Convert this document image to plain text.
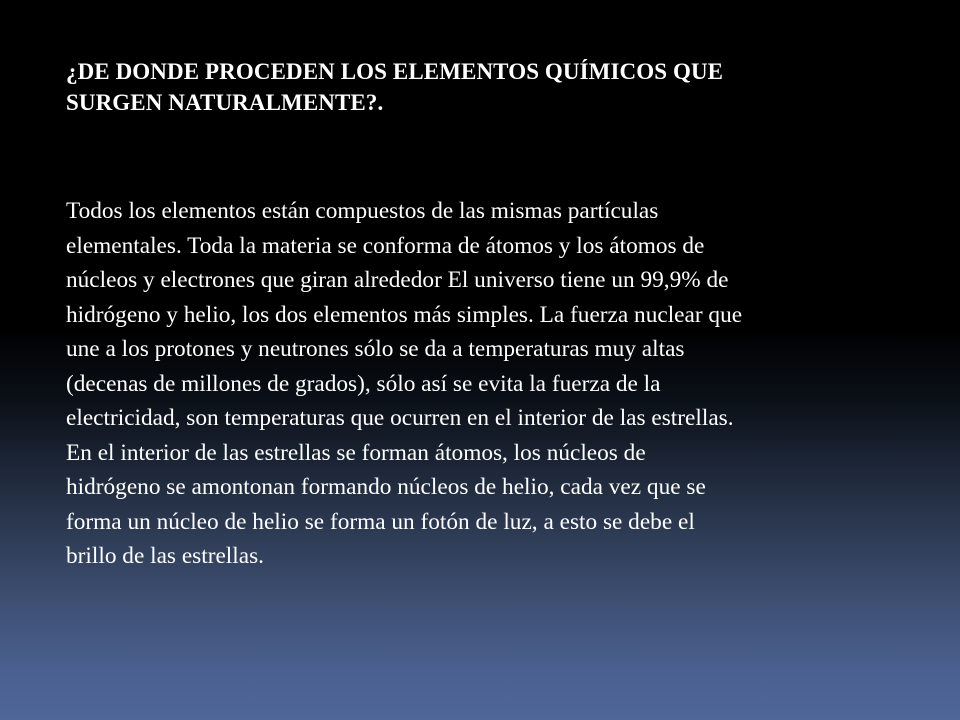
¿DE DONDE PROCEDEN LOS ELEMENTOS QUÍMICOS QUE
SURGEN NATURALMENTE?.

Todos los elementos están compuestos de las mismas partículas
elementales. Toda la materia se conforma de átomos y los átomos de
núcleos y electrones que giran alrededor El universo tiene un 99,9% de
hidrógeno y helio, los dos elementos más simples. La fuerza nuclear que
une a los protones y neutrones sólo se da a temperaturas muy altas
(decenas de millones de grados), sólo así se evita la fuerza de la
electricidad, son temperaturas que ocurren en el interior de las estrellas.
En el interior de las estrellas se forman átomos, los núcleos de
hidrógeno se amontonan formando núcleos de helio, cada vez que se
forma un núcleo de helio se forma un fotón de luz, a esto se debe el
brillo de las estrellas.
